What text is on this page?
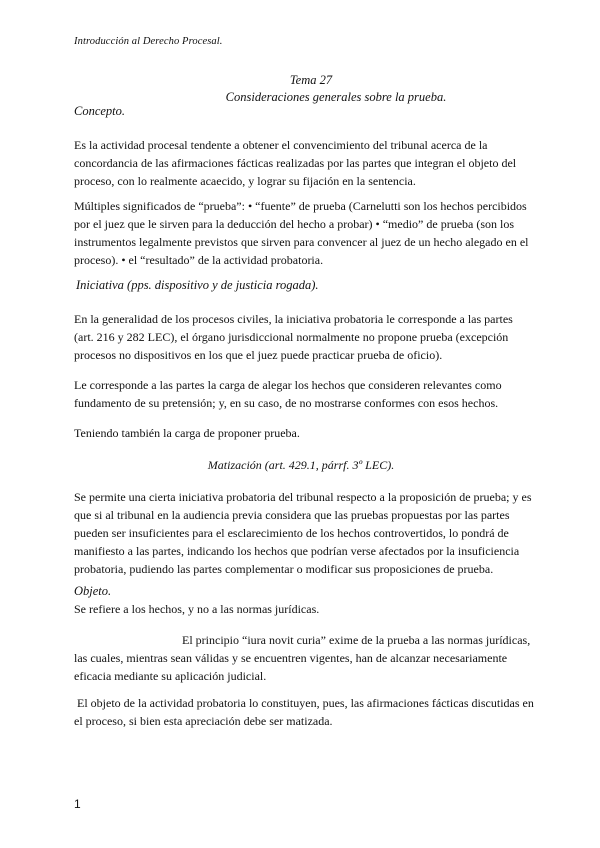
Introducción al Derecho Procesal.
Tema 27
Consideraciones generales sobre la prueba.
Concepto.

Es la actividad procesal tendente a obtener el convencimiento del tribunal acerca de la concordancia de las afirmaciones fácticas realizadas por las partes que integran el objeto del proceso, con lo realmente acaecido, y lograr su fijación en la sentencia.

Múltiples significados de “prueba”: • “fuente” de prueba (Carnelutti son los hechos percibidos por el juez que le sirven para la deducción del hecho a probar) • “medio” de prueba (son los instrumentos legalmente previstos que sirven para convencer al juez de un hecho alegado en el proceso). • el “resultado” de la actividad probatoria.

Iniciativa (pps. dispositivo y de justicia rogada).

En la generalidad de los procesos civiles, la iniciativa probatoria le corresponde a las partes (art. 216 y 282 LEC), el órgano jurisdiccional normalmente no propone prueba (excepción procesos no dispositivos en los que el juez puede practicar prueba de oficio).

Le corresponde a las partes la carga de alegar los hechos que consideren relevantes como fundamento de su pretensión; y, en su caso, de no mostrarse conformes con esos hechos.

Teniendo también la carga de proponer prueba.

Matización (art. 429.1, párrf. 3º LEC).

Se permite una cierta iniciativa probatoria del tribunal respecto a la proposición de prueba; y es que si al tribunal en la audiencia previa considera que las pruebas propuestas por las partes pueden ser insuficientes para el esclarecimiento de los hechos controvertidos, lo pondrá de manifiesto a las partes, indicando los hechos que podrían verse afectados por la insuficiencia probatoria, pudiendo las partes complementar o modificar sus proposiciones de prueba.

Objeto.

Se refiere a los hechos, y no a las normas jurídicas.

El principio “iura novit curia” exime de la prueba a las normas jurídicas, las cuales, mientras sean válidas y se encuentren vigentes, han de alcanzar necesariamente eficacia mediante su aplicación judicial.

El objeto de la actividad probatoria lo constituyen, pues, las afirmaciones fácticas discutidas en el proceso, si bien esta apreciación debe ser matizada.

1
